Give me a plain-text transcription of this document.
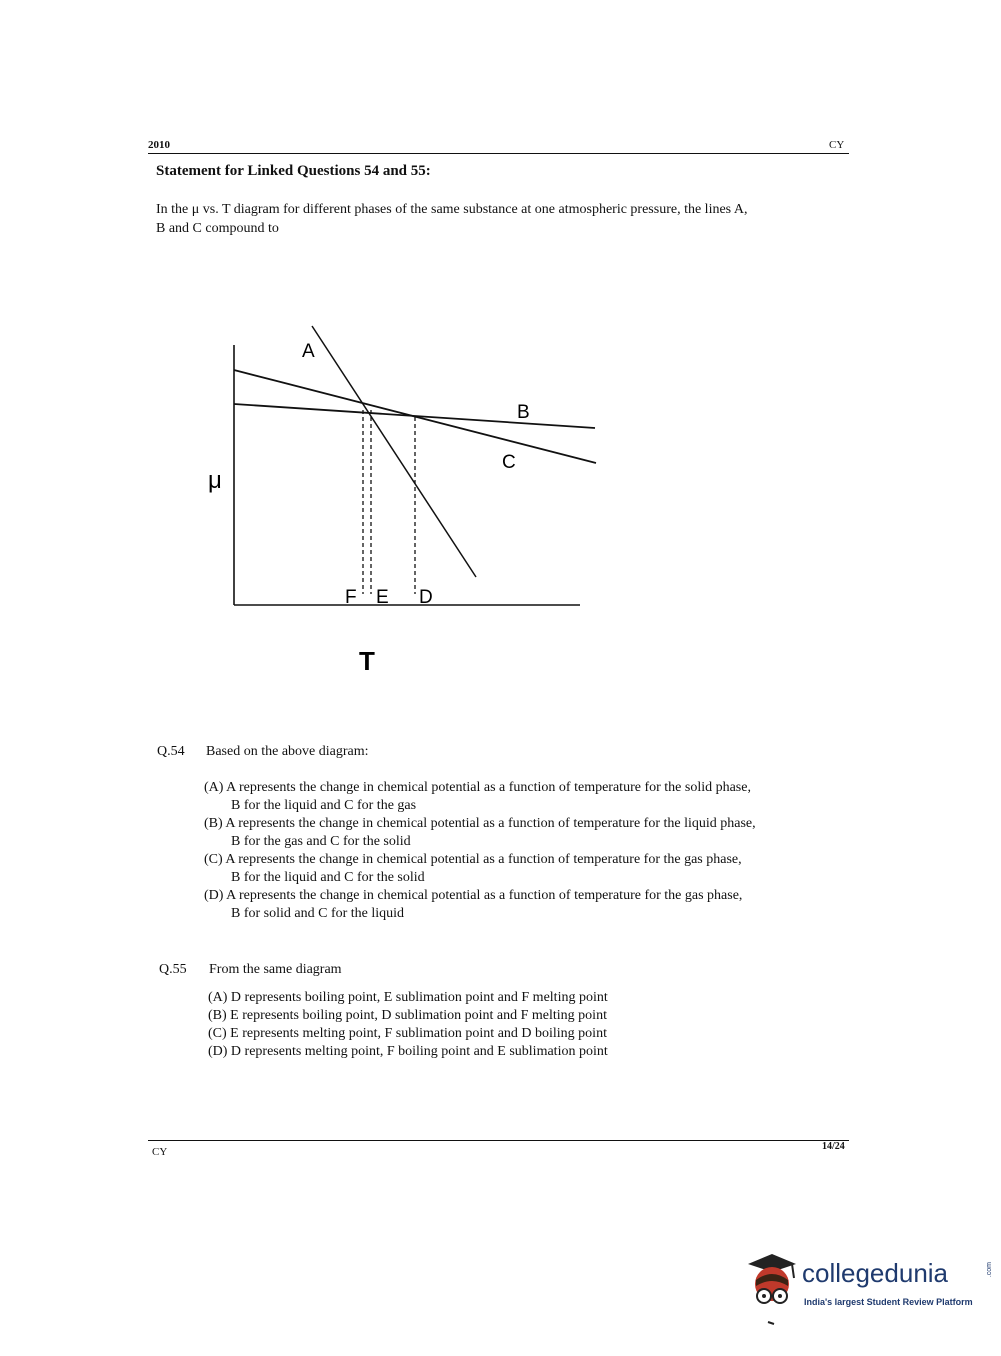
2010	CY
Statement for Linked Questions 54 and 55:
In the μ vs. T diagram for different phases of the same substance at one atmospheric pressure, the lines A,
B and C compound to
A
B
C
μ
F E D
T
Q.54 Based on the above diagram:
(A) A represents the change in chemical potential as a function of temperature for the solid phase,
B for the liquid and C for the gas
(B) A represents the change in chemical potential as a function of temperature for the liquid phase,
B for the gas and C for the solid
(C) A represents the change in chemical potential as a function of temperature for the gas phase,
B for the liquid and C for the solid
(D) A represents the change in chemical potential as a function of temperature for the gas phase,
B for solid and C for the liquid
Q.55 From the same diagram
(A) D represents boiling point, E sublimation point and F melting point
(B) E represents boiling point, D sublimation point and F melting point
(C) E represents melting point, F sublimation point and D boiling point
(D) D represents melting point, F boiling point and E sublimation point
CY	14/24
collegedunia	.com
India's largest Student Review Platform
